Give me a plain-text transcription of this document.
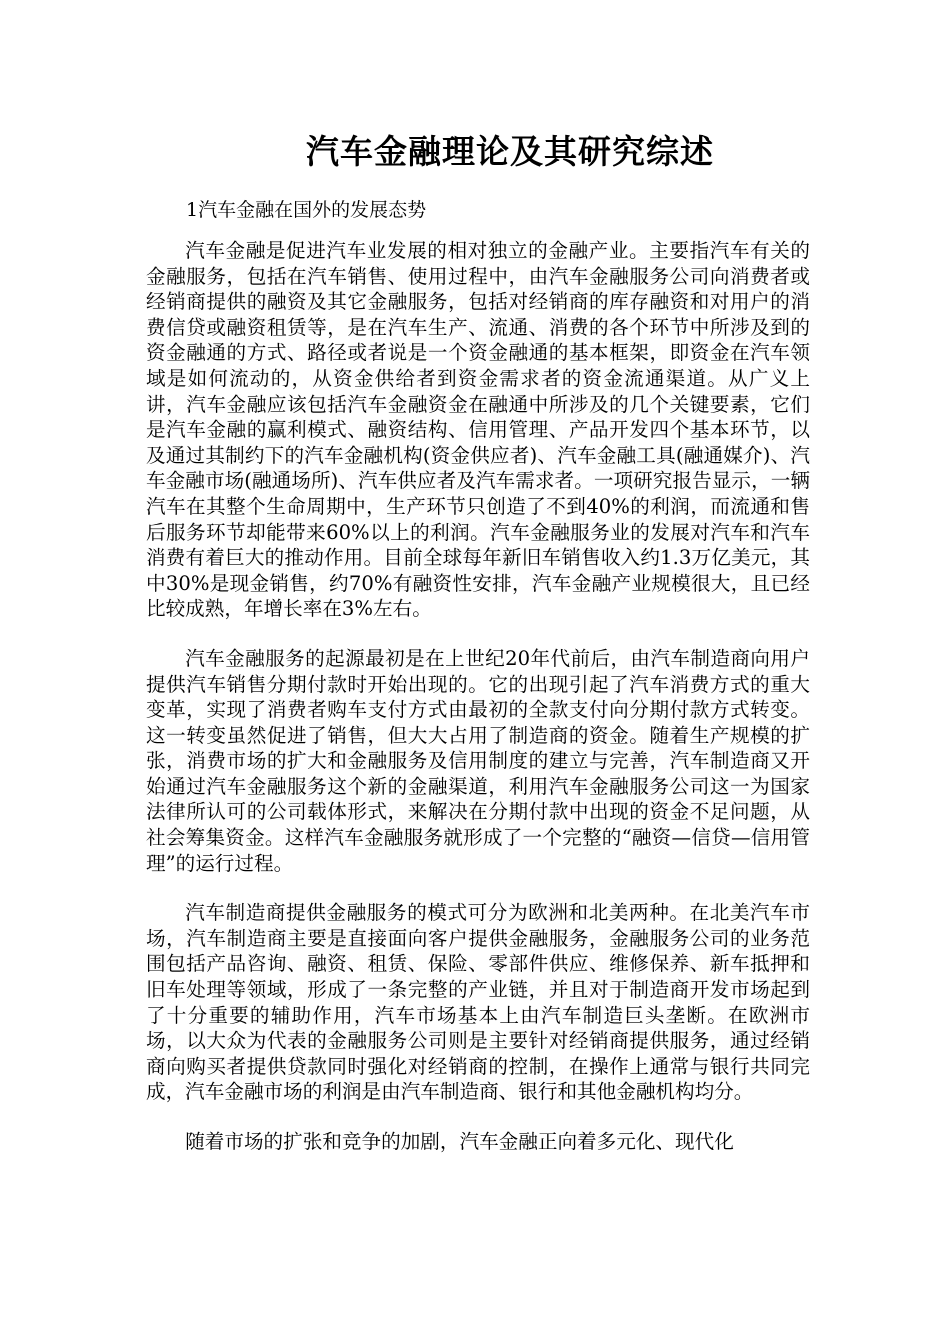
汽车金融理论及其研究综述

1汽车金融在国外的发展态势

汽车金融是促进汽车业发展的相对独立的金融产业。主要指汽车有关的金融服务，包括在汽车销售、使用过程中，由汽车金融服务公司向消费者或经销商提供的融资及其它金融服务，包括对经销商的库存融资和对用户的消费信贷或融资租赁等，是在汽车生产、流通、消费的各个环节中所涉及到的资金融通的方式、路径或者说是一个资金融通的基本框架，即资金在汽车领域是如何流动的，从资金供给者到资金需求者的资金流通渠道。从广义上讲，汽车金融应该包括汽车金融资金在融通中所涉及的几个关键要素，它们是汽车金融的赢利模式、融资结构、信用管理、产品开发四个基本环节，以及通过其制约下的汽车金融机构(资金供应者)、汽车金融工具(融通媒介)、汽车金融市场(融通场所)、汽车供应者及汽车需求者。一项研究报告显示，一辆汽车在其整个生命周期中，生产环节只创造了不到40%的利润，而流通和售后服务环节却能带来60%以上的利润。汽车金融服务业的发展对汽车和汽车消费有着巨大的推动作用。目前全球每年新旧车销售收入约1.3万亿美元，其中30%是现金销售，约70%有融资性安排，汽车金融产业规模很大，且已经比较成熟，年增长率在3%左右。

汽车金融服务的起源最初是在上世纪20年代前后，由汽车制造商向用户提供汽车销售分期付款时开始出现的。它的出现引起了汽车消费方式的重大变革，实现了消费者购车支付方式由最初的全款支付向分期付款方式转变。这一转变虽然促进了销售，但大大占用了制造商的资金。随着生产规模的扩张，消费市场的扩大和金融服务及信用制度的建立与完善，汽车制造商又开始通过汽车金融服务这个新的金融渠道，利用汽车金融服务公司这一为国家法律所认可的公司载体形式，来解决在分期付款中出现的资金不足问题，从社会筹集资金。这样汽车金融服务就形成了一个完整的“融资—信贷—信用管理”的运行过程。

汽车制造商提供金融服务的模式可分为欧洲和北美两种。在北美汽车市场，汽车制造商主要是直接面向客户提供金融服务，金融服务公司的业务范围包括产品咨询、融资、租赁、保险、零部件供应、维修保养、新车抵押和旧车处理等领域，形成了一条完整的产业链，并且对于制造商开发市场起到了十分重要的辅助作用，汽车市场基本上由汽车制造巨头垄断。在欧洲市场，以大众为代表的金融服务公司则是主要针对经销商提供服务，通过经销商向购买者提供贷款同时强化对经销商的控制，在操作上通常与银行共同完成，汽车金融市场的利润是由汽车制造商、银行和其他金融机构均分。

随着市场的扩张和竞争的加剧，汽车金融正向着多元化、现代化
